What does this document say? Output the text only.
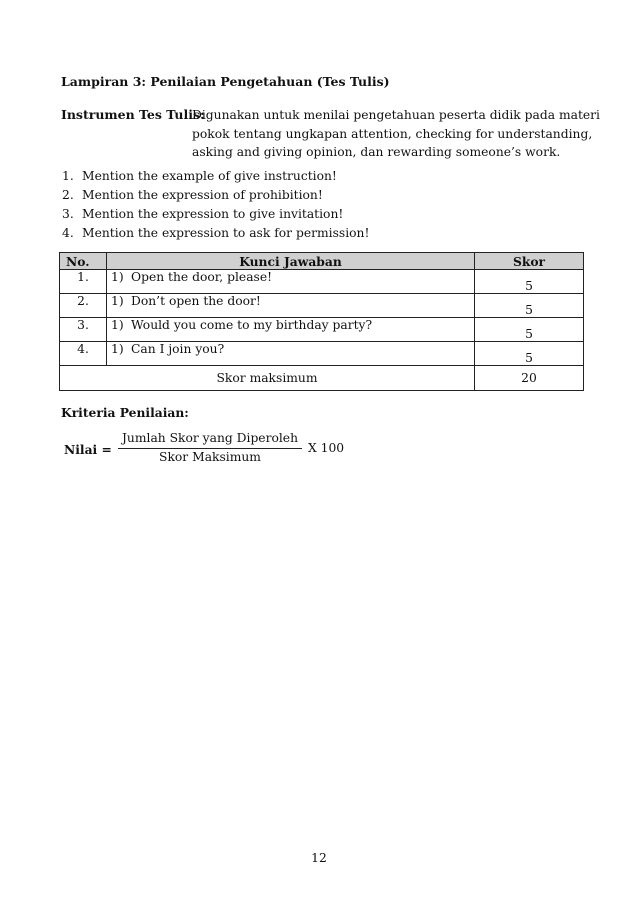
Lampiran 3: Penilaian Pengetahuan (Tes Tulis)
Instrumen Tes Tulis:
Digunakan untuk menilai pengetahuan peserta didik pada materi
pokok tentang ungkapan attention, checking for understanding,
asking and giving opinion, dan rewarding someone’s work.
1. Mention the example of give instruction!
2. Mention the expression of prohibition!
3. Mention the expression to give invitation!
4. Mention the expression to ask for permission!
No.	Kunci Jawaban	Skor
1.	1) Open the door, please!	5
2.	1) Don’t open the door!	5
3.	1) Would you come to my birthday party?	5
4.	1) Can I join you?	5
Skor maksimum		20
Kriteria Penilaian:
Nilai =
Jumlah Skor yang Diperoleh
Skor Maksimum
X 100
12
